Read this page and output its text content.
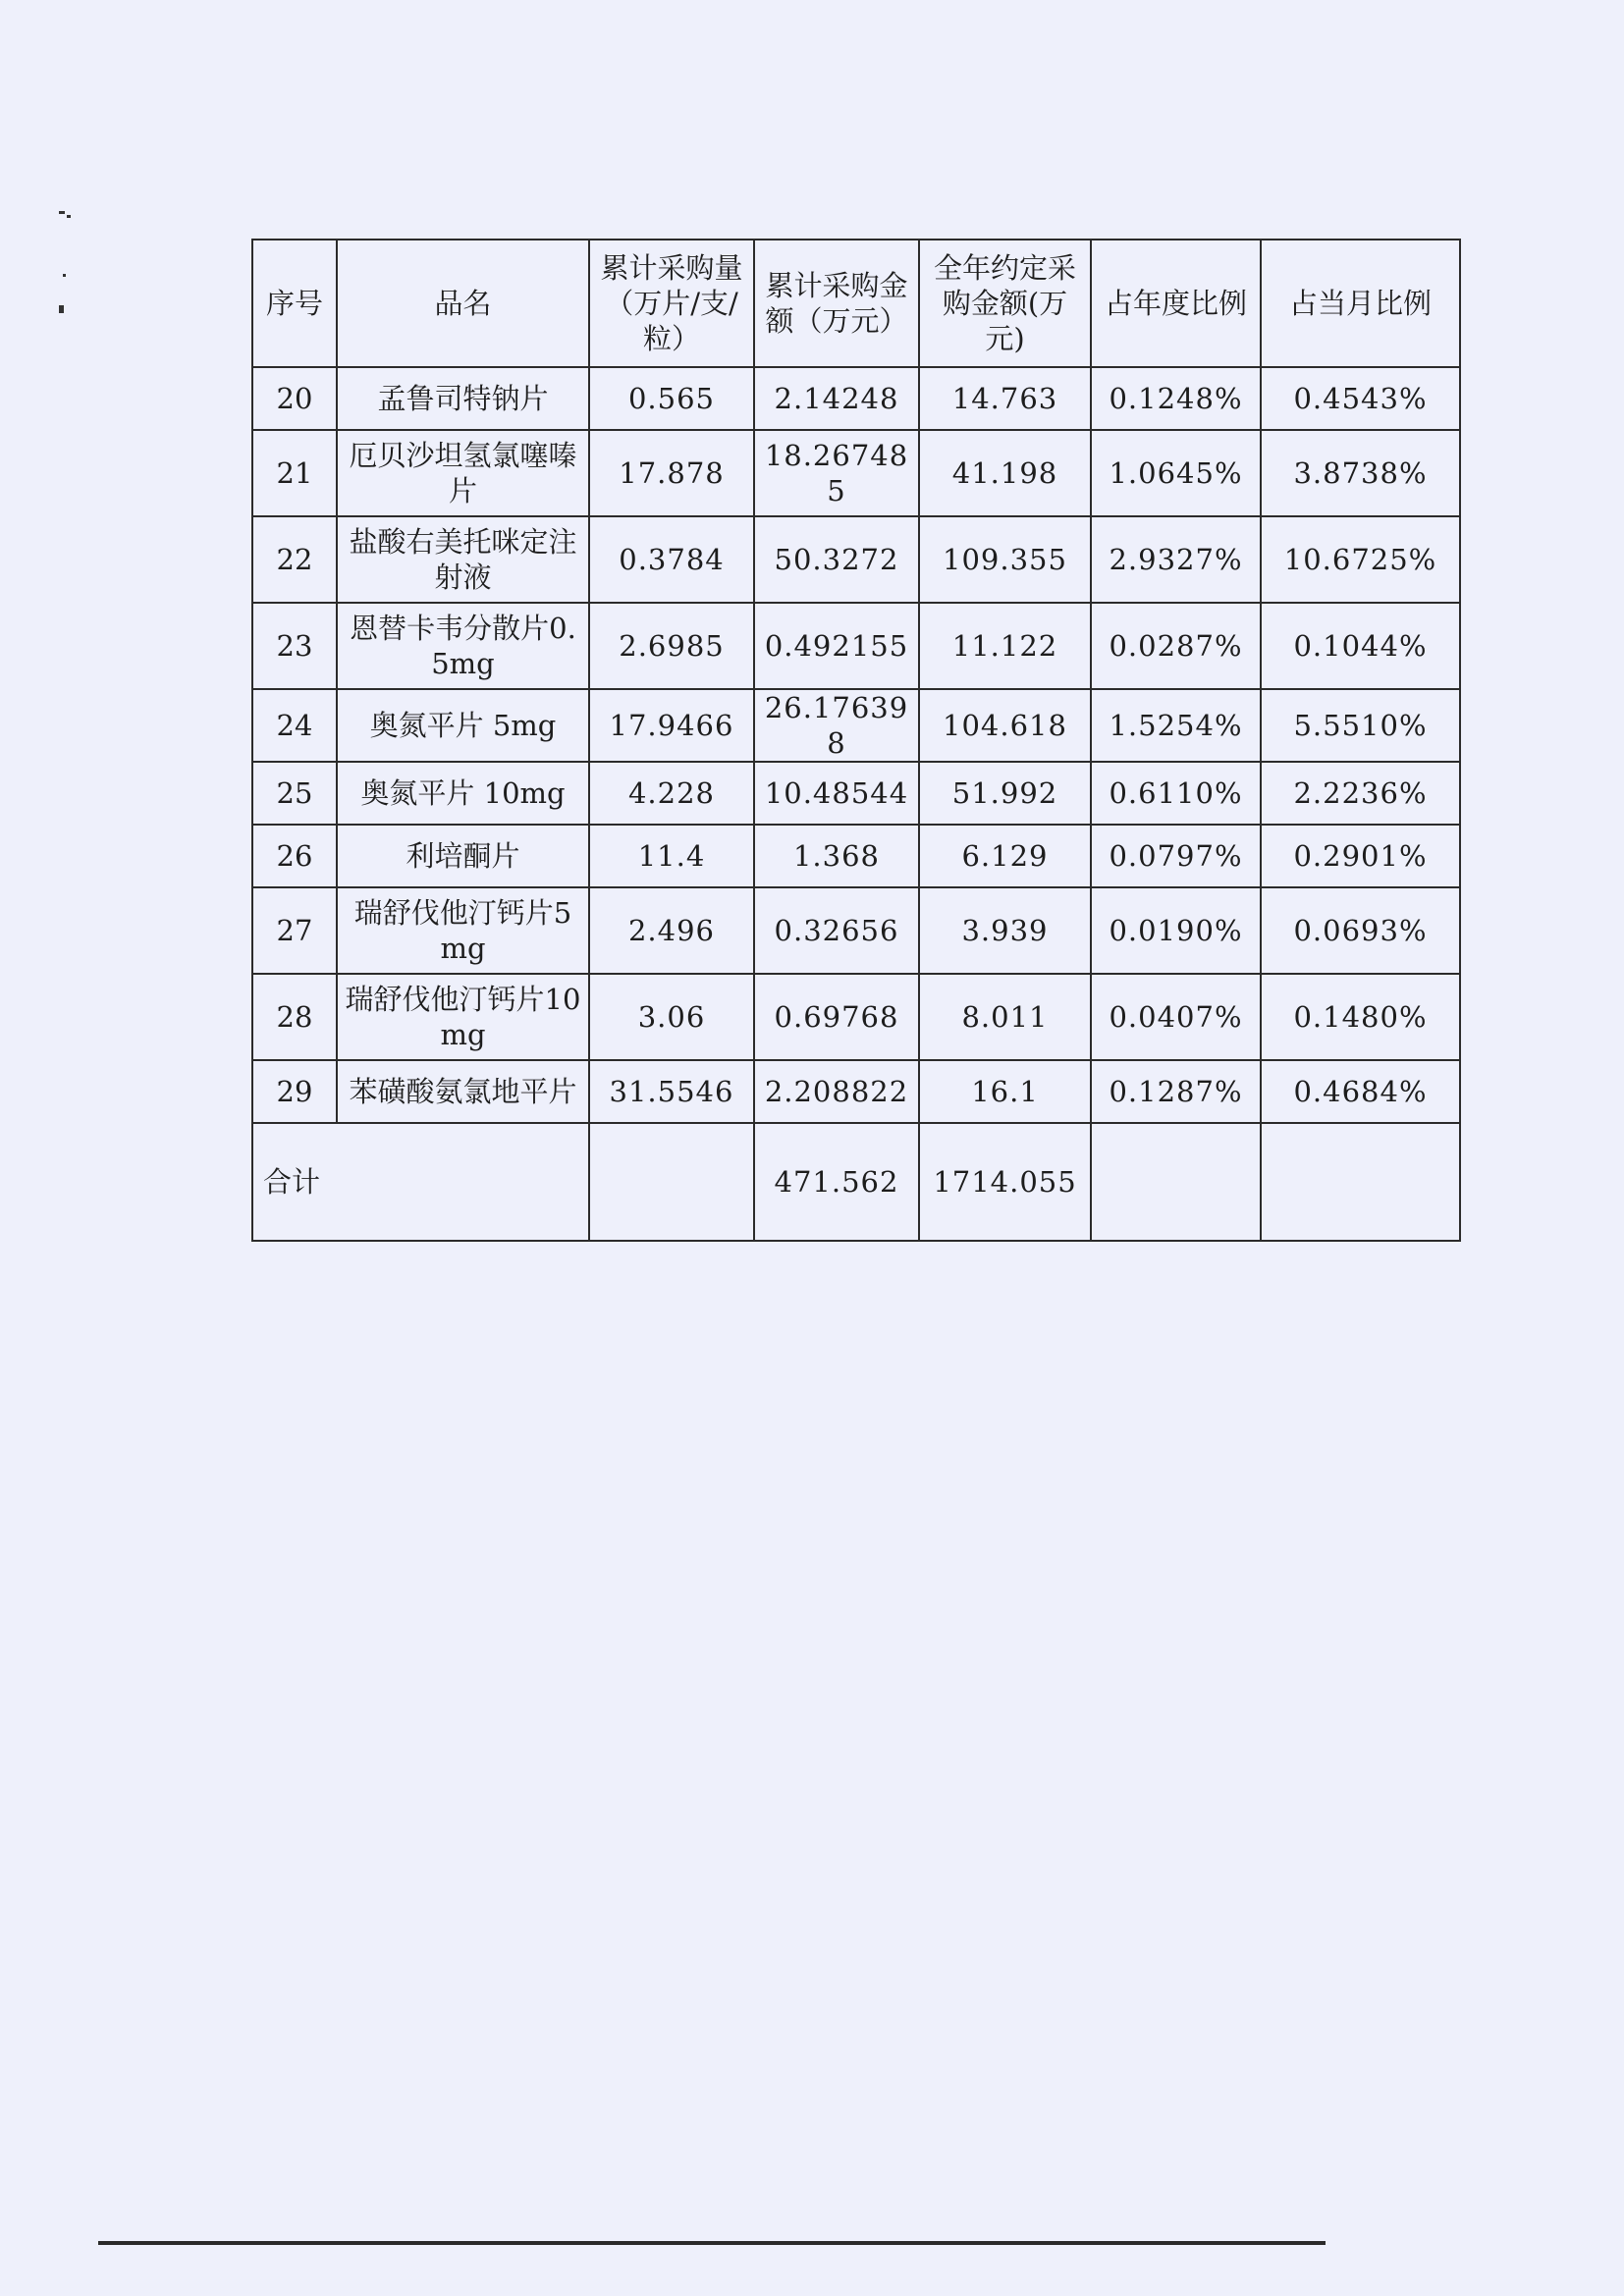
序号	品名	累计采购量（万片/支/粒）	累计采购金额（万元）	全年约定采购金额(万元)	占年度比例	占当月比例
20	孟鲁司特钠片	0.565	2.14248	14.763	0.1248%	0.4543%
21	厄贝沙坦氢氯噻嗪片	17.878	18.267485	41.198	1.0645%	3.8738%
22	盐酸右美托咪定注射液	0.3784	50.3272	109.355	2.9327%	10.6725%
23	恩替卡韦分散片0.5mg	2.6985	0.492155	11.122	0.0287%	0.1044%
24	奥氮平片 5mg	17.9466	26.176398	104.618	1.5254%	5.5510%
25	奥氮平片 10mg	4.228	10.48544	51.992	0.6110%	2.2236%
26	利培酮片	11.4	1.368	6.129	0.0797%	0.2901%
27	瑞舒伐他汀钙片5mg	2.496	0.32656	3.939	0.0190%	0.0693%
28	瑞舒伐他汀钙片10mg	3.06	0.69768	8.011	0.0407%	0.1480%
29	苯磺酸氨氯地平片	31.5546	2.208822	16.1	0.1287%	0.4684%
合计			471.562	1714.055		
